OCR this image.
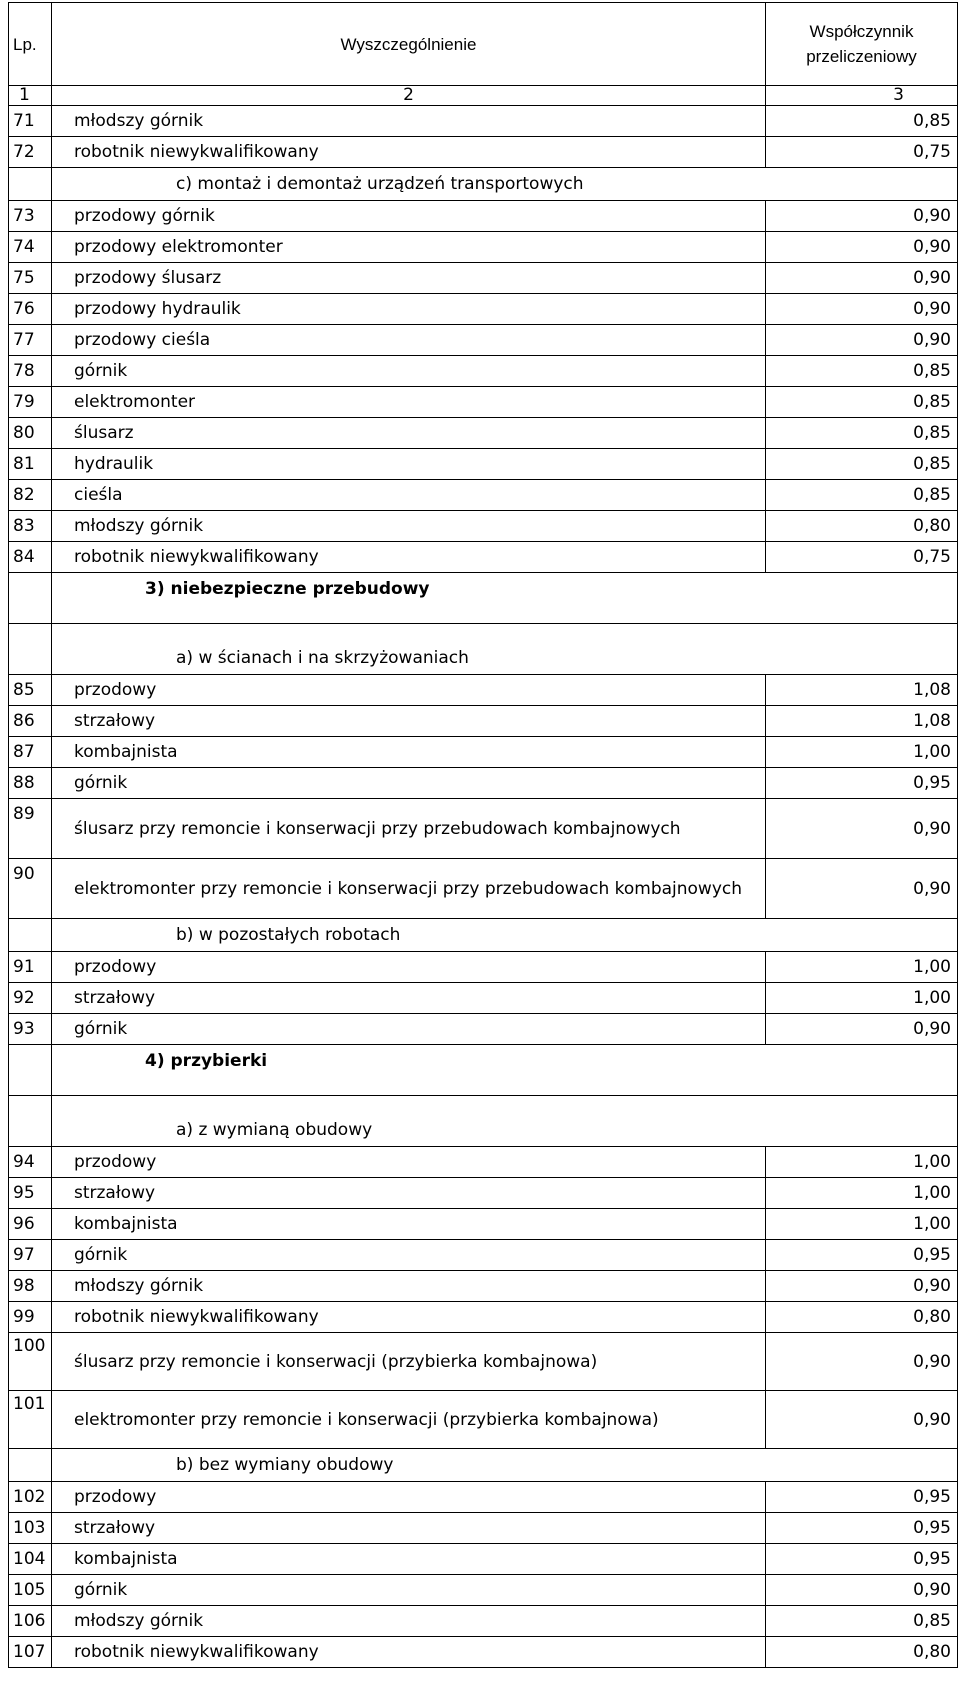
Lp.	Wyszczególnienie	Współczynnik przeliczeniowy
1	2	3
71	młodszy górnik	0,85
72	robotnik niewykwalifikowany	0,75
	c) montaż i demontaż urządzeń transportowych	
73	przodowy górnik	0,90
74	przodowy elektromonter	0,90
75	przodowy ślusarz	0,90
76	przodowy hydraulik	0,90
77	przodowy cieśla	0,90
78	górnik	0,85
79	elektromonter	0,85
80	ślusarz	0,85
81	hydraulik	0,85
82	cieśla	0,85
83	młodszy górnik	0,80
84	robotnik niewykwalifikowany	0,75
	3) niebezpieczne przebudowy	
	a) w ścianach i na skrzyżowaniach	
85	przodowy	1,08
86	strzałowy	1,08
87	kombajnista	1,00
88	górnik	0,95
89	ślusarz przy remoncie i konserwacji przy przebudowach kombajnowych	0,90
90	elektromonter przy remoncie i konserwacji przy przebudowach kombajnowych	0,90
	b) w pozostałych robotach	
91	przodowy	1,00
92	strzałowy	1,00
93	górnik	0,90
	4) przybierki	
	a) z wymianą obudowy	
94	przodowy	1,00
95	strzałowy	1,00
96	kombajnista	1,00
97	górnik	0,95
98	młodszy górnik	0,90
99	robotnik niewykwalifikowany	0,80
100	ślusarz przy remoncie i konserwacji (przybierka kombajnowa)	0,90
101	elektromonter przy remoncie i konserwacji (przybierka kombajnowa)	0,90
	b) bez wymiany obudowy	
102	przodowy	0,95
103	strzałowy	0,95
104	kombajnista	0,95
105	górnik	0,90
106	młodszy górnik	0,85
107	robotnik niewykwalifikowany	0,80
